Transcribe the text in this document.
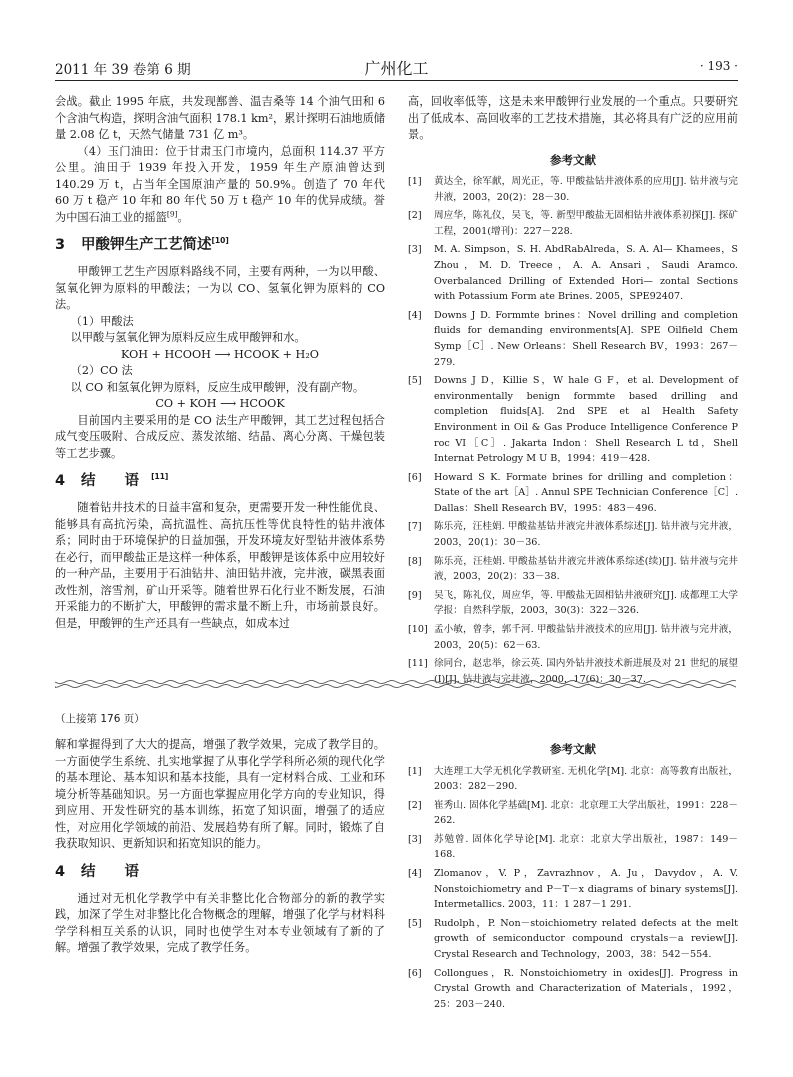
2011 年 39 卷第 6 期	广州化工	· 193 ·

会战。截止 1995 年底，共发现鄯善、温吉桑等 14 个油气田和 6 个含油气构造，探明含油气面积 178.1 km²，累计探明石油地质储量 2.08 亿 t，天然气储量 731 亿 m³。

（4）玉门油田：位于甘肃玉门市境内，总面积 114.37 平方公里。油田于 1939 年投入开发，1959 年生产原油曾达到 140.29 万 t，占当年全国原油产量的 50.9%。创造了 70 年代 60 万 t 稳产 10 年和 80 年代 50 万 t 稳产 10 年的优异成绩。誉为中国石油工业的摇篮[9]。

3 甲酸钾生产工艺简述[10]

甲酸钾工艺生产因原料路线不同，主要有两种，一为以甲酸、氢氧化钾为原料的甲酸法；一为以 CO、氢氧化钾为原料的 CO 法。

（1）甲酸法

以甲酸与氢氧化钾为原料反应生成甲酸钾和水。

KOH + HCOOH ⟶ HCOOK + H₂O

（2）CO 法

以 CO 和氢氧化钾为原料，反应生成甲酸钾，没有副产物。

CO + KOH ⟶ HCOOK

目前国内主要采用的是 CO 法生产甲酸钾，其工艺过程包括合成气变压吸附、合成反应、蒸发浓缩、结晶、离心分离、干燥包装等工艺步骤。

4 结 语[11]

随着钻井技术的日益丰富和复杂，更需要开发一种性能优良、能够具有高抗污染，高抗温性、高抗压性等优良特性的钻井液体系；同时由于环境保护的日益加强，开发环境友好型钻井液体系势在必行，而甲酸盐正是这样一种体系，甲酸钾是该体系中应用较好的一种产品，主要用于石油钻井、油田钻井液，完井液，碳黑表面改性剂，溶雪剂，矿山开采等。随着世界石化行业不断发展，石油开采能力的不断扩大，甲酸钾的需求量不断上升，市场前景良好。但是，甲酸钾的生产还具有一些缺点，如成本过

高，回收率低等，这是未来甲酸钾行业发展的一个重点。只要研究出了低成本、高回收率的工艺技术措施，其必将具有广泛的应用前景。

参考文献
[1] 黄达全，徐军献，周光正，等. 甲酸盐钻井液体系的应用[J]. 钻井液与完井液，2003，20(2)：28－30.
[2] 周应华，陈礼仪，吴飞，等. 新型甲酸盐无固相钻井液体系初探[J]. 探矿工程，2001(增刊)：227－228.
[3] M. A. Simpson，S. H. AbdRabAlreda，S. A. Al— Khamees，S Zhou，M. D. Treece，A. A. Ansari，Saudi Aramco. Overbalanced Drilling of Extended Hori— zontal Sections with Potassium Form ate Brines. 2005，SPE92407.
[4] Downs J D. Formmte brines：Novel drilling and completion fluids for demanding environments[A]. SPE Oilfield Chem Symp［C］. New Orleans：Shell Research BV，1993：267－279.
[5] Downs J D，Killie S，W hale G F，et al. Development of environmentally benign formmte based drilling and completion fluids[A]. 2nd SPE et al Health Safety Environment in Oil & Gas Produce Intelligence Conference P roc VI［C］. Jakarta Indon：Shell Research L td，Shell Internat Petrology M U B，1994：419－428.
[6] Howard S K. Formate brines for drilling and completion：State of the art［A］. Annul SPE Technician Conference［C］. Dallas：Shell Research BV，1995：483－496.
[7] 陈乐亮，汪桂娟. 甲酸盐基钻井液完井液体系综述[J]. 钻井液与完井液，2003，20(1)：30－36.
[8] 陈乐亮，汪桂娟. 甲酸盐基钻井液完井液体系综述(续)[J]. 钻井液与完井液，2003，20(2)：33－38.
[9] 吴飞，陈礼仪，周应华，等. 甲酸盐无固相钻井液研究[J]. 成都理工大学学报：自然科学版，2003，30(3)：322－326.
[10] 孟小敏，曾李，郭千河. 甲酸盐钻井液技术的应用[J]. 钻井液与完井液，2003，20(5)：62－63.
[11] 徐同台，赵忠举，徐云英. 国内外钻井液技术新进展及对 21 世纪的展望(Ⅰ)[J]. 钻井液与完井液，2000，17(6)：30－37.
（上接第 176 页）

解和掌握得到了大大的提高，增强了教学效果，完成了教学目的。一方面使学生系统、扎实地掌握了从事化学学科所必须的现代化学的基本理论、基本知识和基本技能，具有一定材料合成、工业和环境分析等基础知识。另一方面也掌握应用化学方向的专业知识，得到应用、开发性研究的基本训练，拓宽了知识面，增强了的适应性，对应用化学领域的前沿、发展趋势有所了解。同时，锻炼了自我获取知识、更新知识和拓宽知识的能力。

4 结 语

通过对无机化学教学中有关非整比化合物部分的新的教学实践，加深了学生对非整比化合物概念的理解，增强了化学与材料科学学科相互关系的认识，同时也使学生对本专业领域有了新的了解。增强了教学效果，完成了教学任务。

参考文献
[1] 大连理工大学无机化学教研室. 无机化学[M]. 北京：高等教育出版社，2003：282－290.
[2] 崔秀山. 固体化学基础[M]. 北京：北京理工大学出版社，1991：228－262.
[3] 苏勉曾. 固体化学导论[M]. 北京：北京大学出版社，1987：149－168.
[4] Zlomanov，V. P，Zavrazhnov，A. Ju，Davydov，A. V. Nonstoichiometry and P－T－x diagrams of binary systems[J]. Intermetallics. 2003，11：1 287－1 291.
[5] Rudolph，P. Non－stoichiometry related defects at the melt growth of semiconductor compound crystals－a review[J]. Crystal Research and Technology，2003，38：542－554.
[6] Collongues，R. Nonstoichiometry in oxides[J]. Progress in Crystal Growth and Characterization of Materials，1992，25：203－240.
